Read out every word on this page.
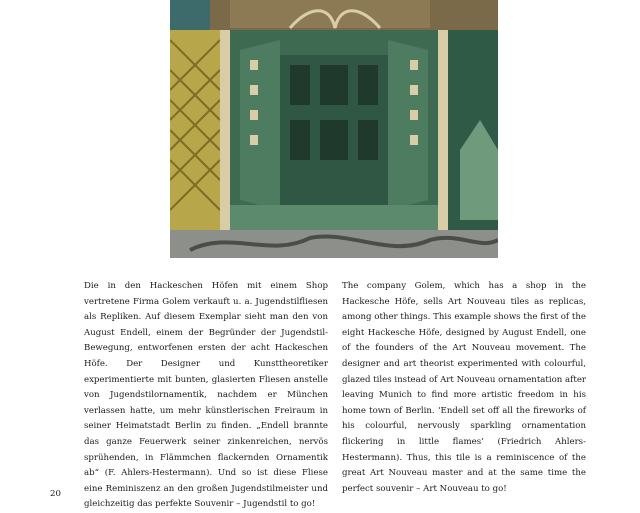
Die in den Hackeschen Höfen mit einem Shop vertretene Firma Golem verkauft u. a. Jugendstilfliesen als Repliken. Auf diesem Exemplar sieht man den von August Endell, einem der Begründer der Jugendstil-Bewegung, entworfenen ersten der acht Hackeschen Höfe. Der Designer und Kunsttheoretiker experimentierte mit bunten, glasierten Fliesen anstelle von Jugendstilornamentik, nachdem er München verlassen hatte, um mehr künstlerischen Freiraum in seiner Heimatstadt Berlin zu finden. „Endell brannte das ganze Feuerwerk seiner zinkenreichen, nervös sprühenden, in Flämmchen flackernden Ornamentik ab“ (F. Ahlers-Hestermann). Und so ist diese Fliese eine Reminiszenz an den großen Jugendstilmeister und gleichzeitig das perfekte Souvenir – Jugendstil to go!

The company Golem, which has a shop in the Hackesche Höfe, sells Art Nouveau tiles as replicas, among other things. This example shows the first of the eight Hackesche Höfe, designed by August Endell, one of the founders of the Art Nouveau movement. The designer and art theorist experimented with colourful, glazed tiles instead of Art Nouveau ornamentation after leaving Munich to find more artistic freedom in his home town of Berlin. ‘Endell set off all the fireworks of his colourful, nervously sparkling ornamentation flickering in little flames’ (Friedrich Ahlers-Hestermann). Thus, this tile is a reminiscence of the great Art Nouveau master and at the same time the perfect souvenir – Art Nouveau to go!

20
